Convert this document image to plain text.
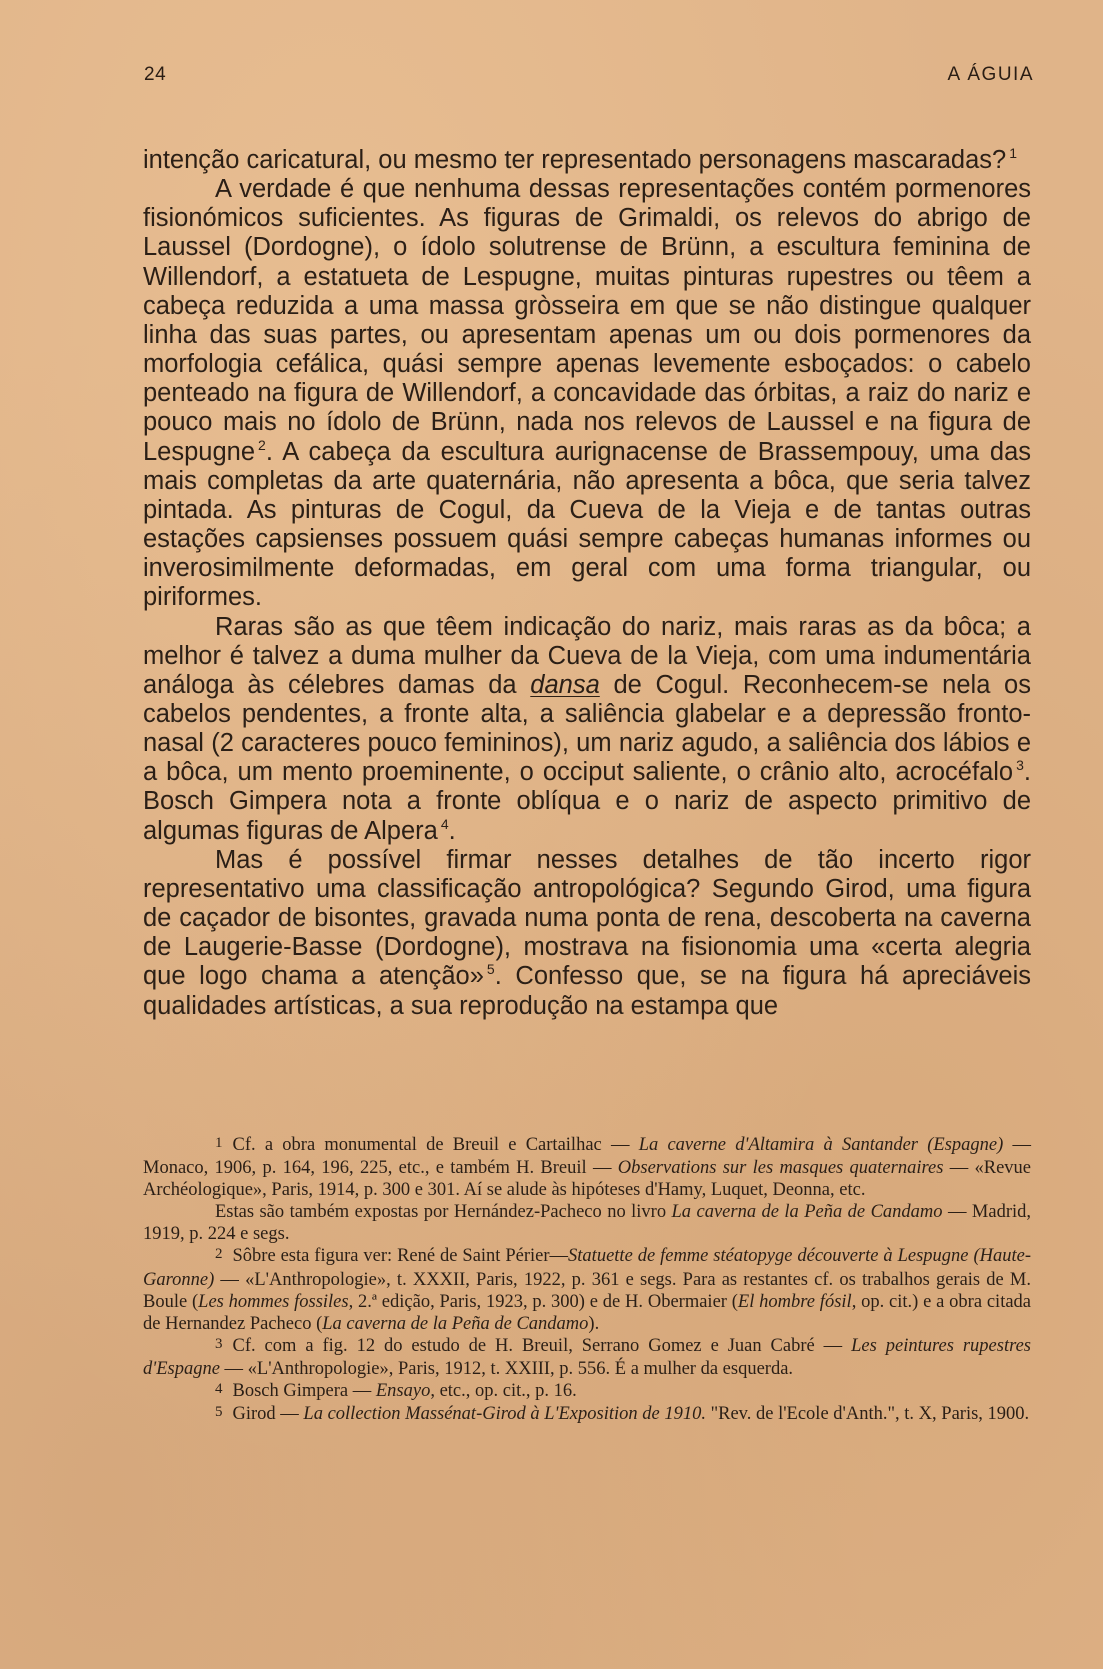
24	A ÁGUIA

intenção caricatural, ou mesmo ter representado personagens mascaradas? $^1$

A verdade é que nenhuma dessas representações contém pormenores fisionómicos suficientes. As figuras de Grimaldi, os relevos do abrigo de Laussel (Dordogne), o ídolo solutrense de Brünn, a escultura feminina de Willendorf, a estatueta de Lespugne, muitas pinturas rupestres ou têem a cabeça reduzida a uma massa gròsseira em que se não distingue qualquer linha das suas partes, ou apresentam apenas um ou dois pormenores da morfologia cefálica, quási sempre apenas levemente esboçados: o cabelo penteado na figura de Willendorf, a concavidade das órbitas, a raiz do nariz e pouco mais no ídolo de Brünn, nada nos relevos de Laussel e na figura de Lespugne $^2$. A cabeça da escultura aurignacense de Brassempouy, uma das mais completas da arte quaternária, não apresenta a bôca, que seria talvez pintada. As pinturas de Cogul, da Cueva de la Vieja e de tantas outras estações capsienses possuem quási sempre cabeças humanas informes ou inverosimilmente deformadas, em geral com uma forma triangular, ou piriformes.

Raras são as que têem indicação do nariz, mais raras as da bôca; a melhor é talvez a duma mulher da Cueva de la Vieja, com uma indumentária análoga às célebres damas da dansa de Cogul. Reconhecem-se nela os cabelos pendentes, a fronte alta, a saliência glabelar e a depressão fronto-nasal (2 caracteres pouco femininos), um nariz agudo, a saliência dos lábios e a bôca, um mento proeminente, o occiput saliente, o crânio alto, acrocéfalo $^3$. Bosch Gimpera nota a fronte oblíqua e o nariz de aspecto primitivo de algumas figuras de Alpera $^4$.

Mas é possível firmar nesses detalhes de tão incerto rigor representativo uma classificação antropológica? Segundo Girod, uma figura de caçador de bisontes, gravada numa ponta de rena, descoberta na caverna de Laugerie-Basse (Dordogne), mostrava na fisionomia uma «certa alegria que logo chama a atenção» $^5$. Confesso que, se na figura há apreciáveis qualidades artísticas, a sua reprodução na estampa que

1 Cf. a obra monumental de Breuil e Cartailhac — La caverne d'Altamira à Santander (Espagne) — Monaco, 1906, p. 164, 196, 225, etc., e também H. Breuil — Observations sur les masques quaternaires — «Revue Archéologique», Paris, 1914, p. 300 e 301. Aí se alude às hipóteses d'Hamy, Luquet, Deonna, etc.

Estas são também expostas por Hernández-Pacheco no livro La caverna de la Peña de Candamo — Madrid, 1919, p. 224 e segs.

2 Sôbre esta figura ver: René de Saint Périer—Statuette de femme stéatopyge découverte à Lespugne (Haute-Garonne) — «L'Anthropologie», t. XXXII, Paris, 1922, p. 361 e segs. Para as restantes cf. os trabalhos gerais de M. Boule (Les hommes fossiles, 2.ª edição, Paris, 1923, p. 300) e de H. Obermaier (El hombre fósil, op. cit.) e a obra citada de Hernandez Pacheco (La caverna de la Peña de Candamo).

3 Cf. com a fig. 12 do estudo de H. Breuil, Serrano Gomez e Juan Cabré — Les peintures rupestres d'Espagne — «L'Anthropologie», Paris, 1912, t. XXIII, p. 556. É a mulher da esquerda.

4 Bosch Gimpera — Ensayo, etc., op. cit., p. 16.

5 Girod — La collection Massénat-Girod à L'Exposition de 1910. "Rev. de l'Ecole d'Anth.", t. X, Paris, 1900.
